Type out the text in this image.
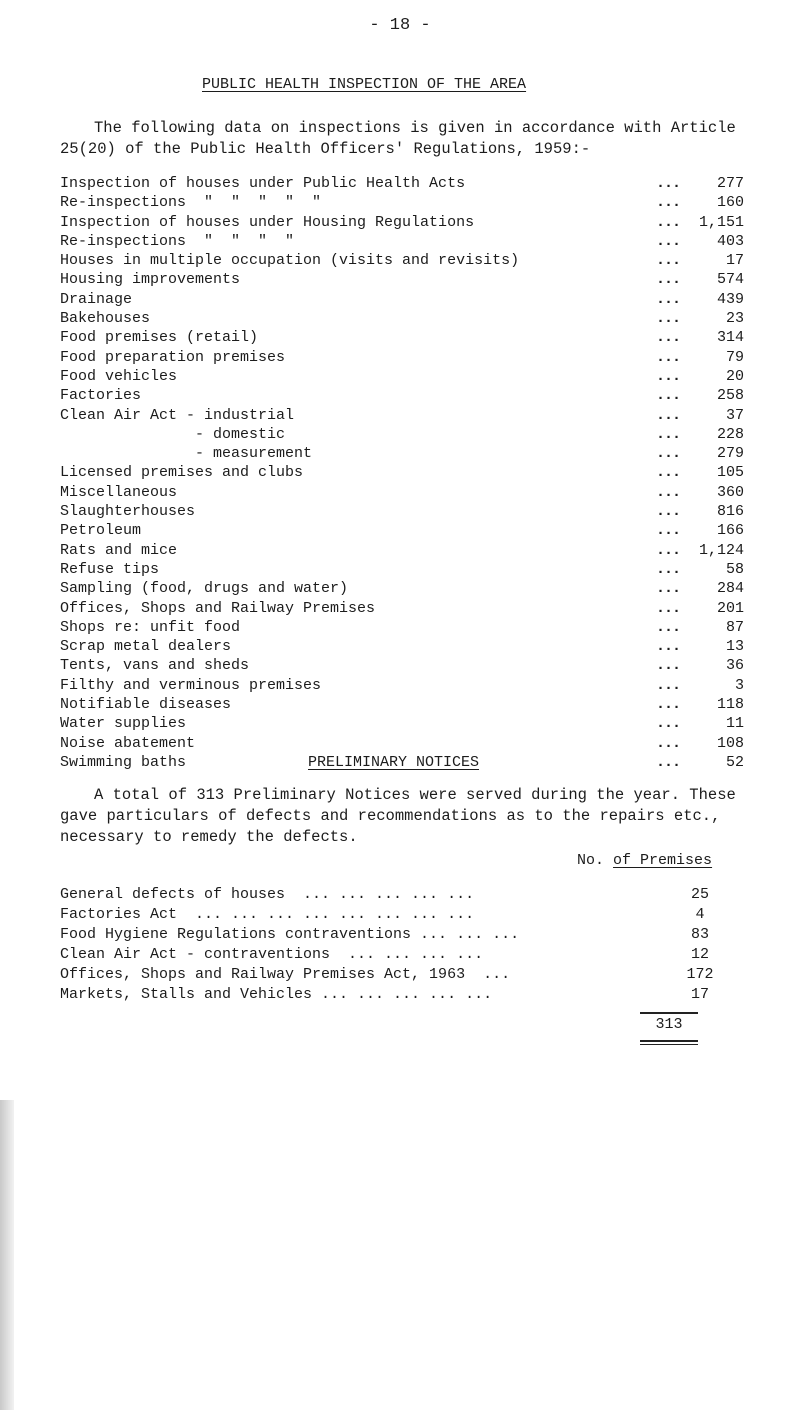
- 18 -
PUBLIC HEALTH INSPECTION OF THE AREA
The following data on inspections is given in accordance with Article
25(20) of the Public Health Officers' Regulations, 1959:-
Inspection of houses under Public Health Acts	...	277
Re-inspections  "  "  "  "  "	...	160
Inspection of houses under Housing Regulations	...	1,151
Re-inspections  "  "  "  "	...	403
Houses in multiple occupation (visits and revisits)	...	17
Housing improvements	...	574
Drainage	...	439
Bakehouses	...	23
Food premises (retail)	...	314
Food preparation premises	...	79
Food vehicles	...	20
Factories	...	258
Clean Air Act - industrial	...	37
- domestic	...	228
- measurement	...	279
Licensed premises and clubs	...	105
Miscellaneous	...	360
Slaughterhouses	...	816
Petroleum	...	166
Rats and mice	...	1,124
Refuse tips	...	58
Sampling (food, drugs and water)	...	284
Offices, Shops and Railway Premises	...	201
Shops re: unfit food	...	87
Scrap metal dealers	...	13
Tents, vans and sheds	...	36
Filthy and verminous premises	...	3
Notifiable diseases	...	118
Water supplies	...	11
Noise abatement	...	108
Swimming baths	...	52
PRELIMINARY NOTICES
A total of 313 Preliminary Notices were served during the year. These
gave particulars of defects and recommendations as to the repairs etc.,
necessary to remedy the defects.
No. of Premises
General defects of houses  ... ... ... ... ...	25
Factories Act  ... ... ... ... ... ... ... ...	4
Food Hygiene Regulations contraventions ... ... ...	83
Clean Air Act - contraventions  ... ... ... ...	12
Offices, Shops and Railway Premises Act, 1963  ...	172
Markets, Stalls and Vehicles ... ... ... ... ...	17
313
